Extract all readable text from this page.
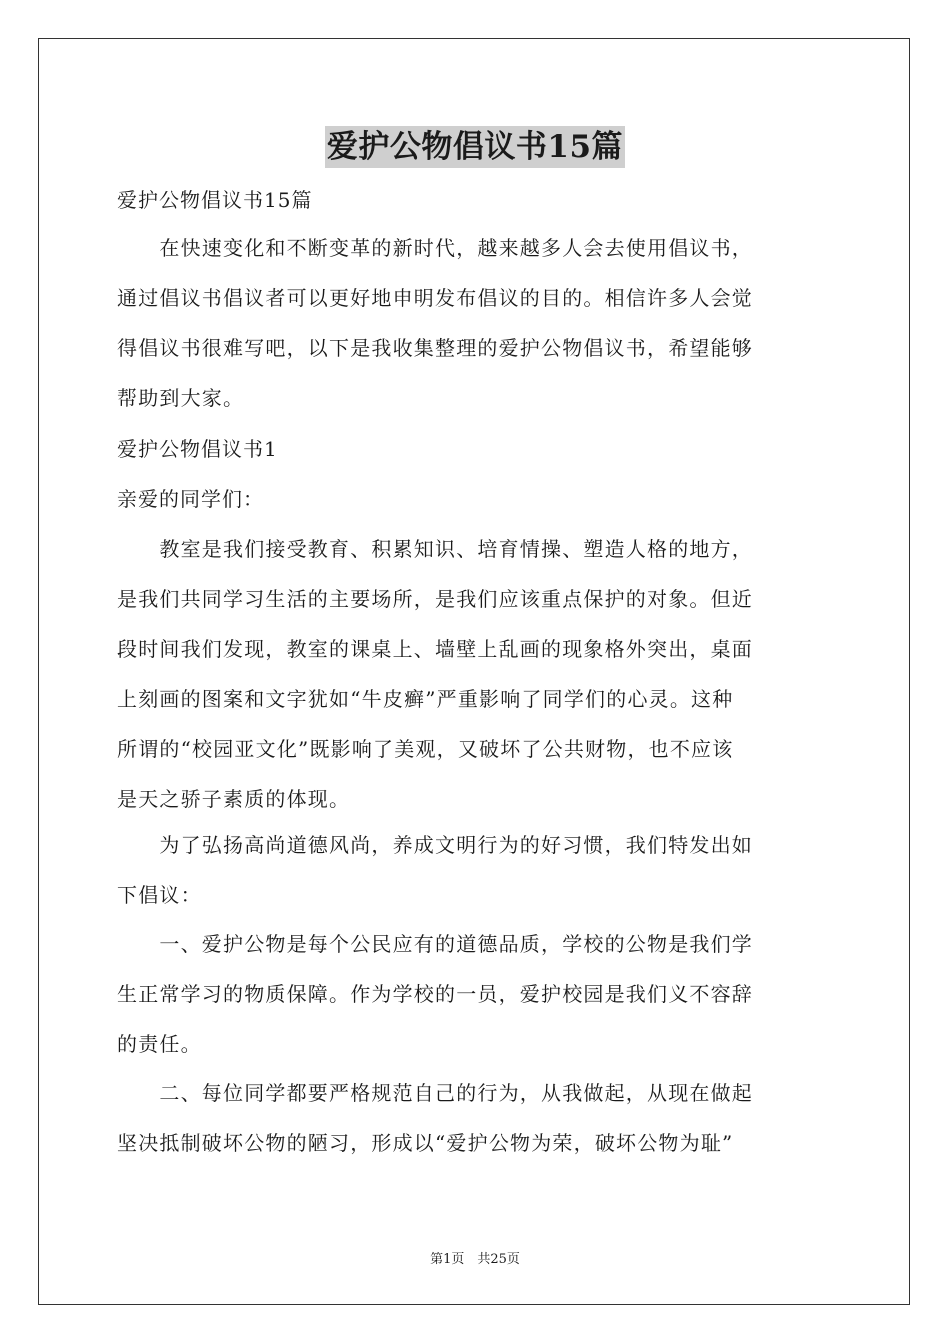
爱护公物倡议书15篇
爱护公物倡议书15篇
　　在快速变化和不断变革的新时代，越来越多人会去使用倡议书，
通过倡议书倡议者可以更好地申明发布倡议的目的。相信许多人会觉
得倡议书很难写吧，以下是我收集整理的爱护公物倡议书，希望能够
帮助到大家。
爱护公物倡议书1
亲爱的同学们：
　　教室是我们接受教育、积累知识、培育情操、塑造人格的地方，
是我们共同学习生活的主要场所，是我们应该重点保护的对象。但近
段时间我们发现，教室的课桌上、墙壁上乱画的现象格外突出，桌面
上刻画的图案和文字犹如“牛皮癣”严重影响了同学们的心灵。这种
所谓的“校园亚文化”既影响了美观，又破坏了公共财物，也不应该
是天之骄子素质的体现。
　　为了弘扬高尚道德风尚，养成文明行为的好习惯，我们特发出如
下倡议：
　　一、爱护公物是每个公民应有的道德品质，学校的公物是我们学
生正常学习的物质保障。作为学校的一员，爱护校园是我们义不容辞
的责任。
　　二、每位同学都要严格规范自己的行为，从我做起，从现在做起
坚决抵制破坏公物的陋习，形成以“爱护公物为荣，破坏公物为耻”
第1页　共25页
